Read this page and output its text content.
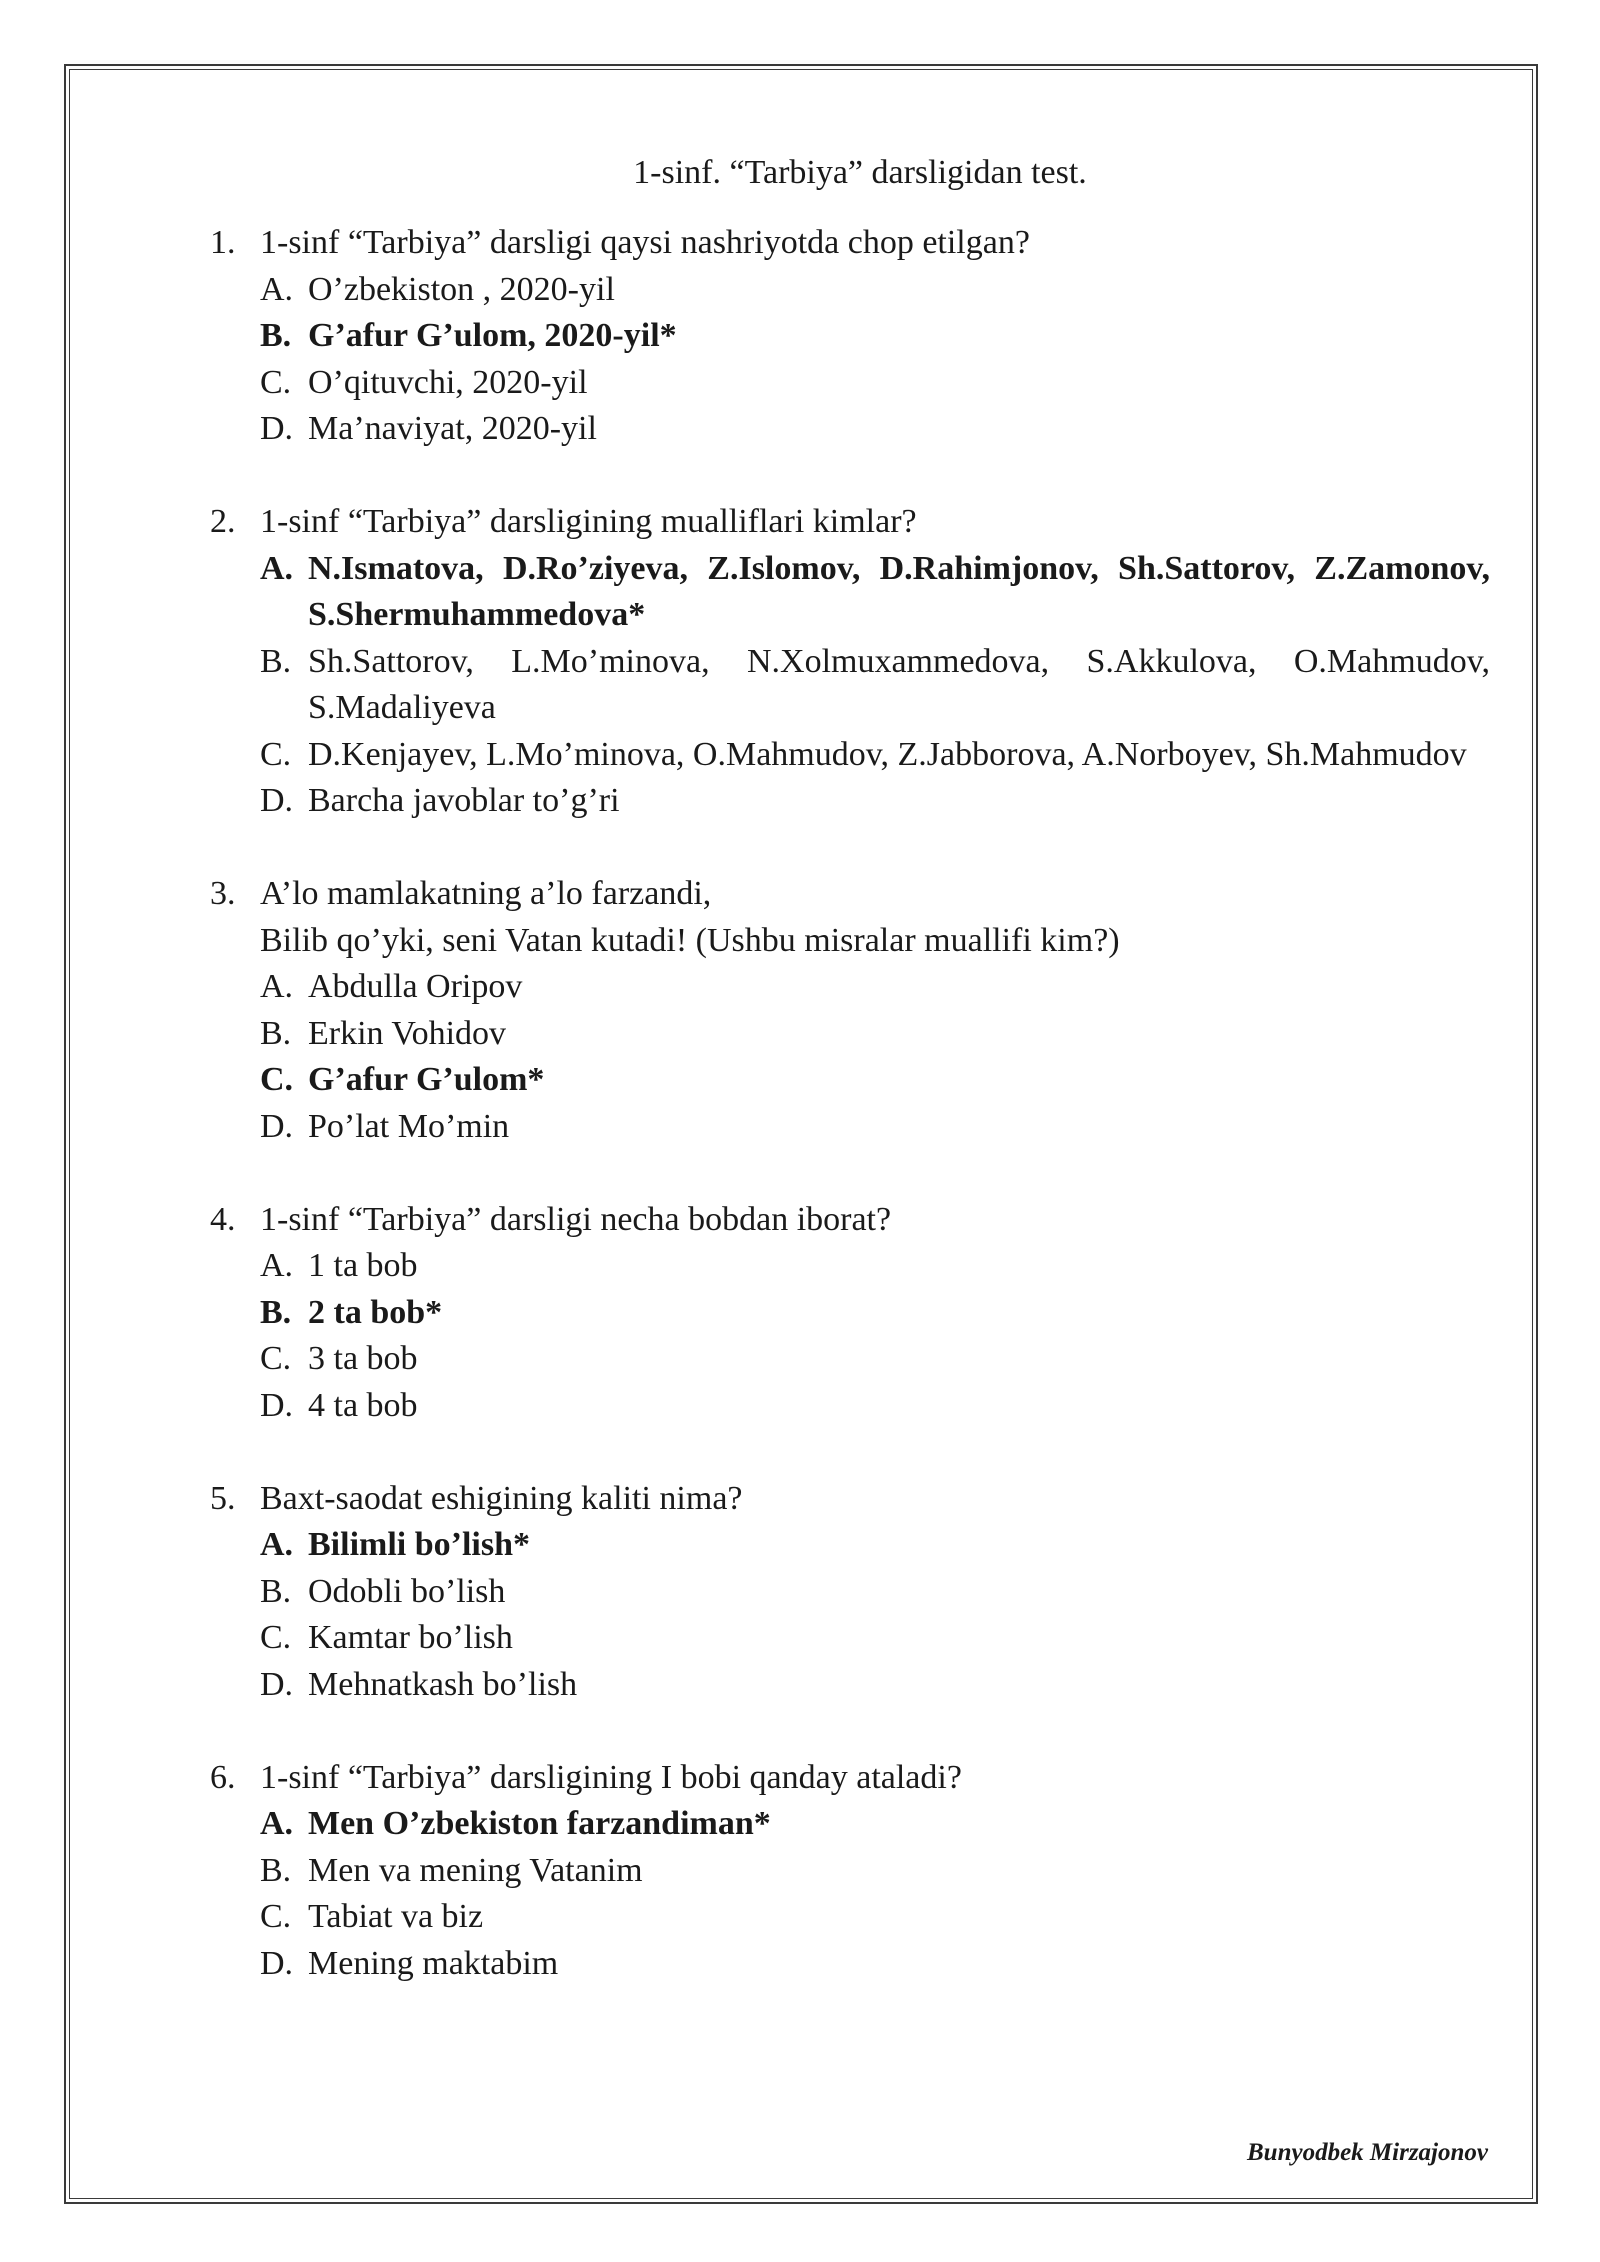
1-sinf. “Tarbiya” darsligidan test.
1. 1-sinf “Tarbiya” darsligi qaysi nashriyotda chop etilgan?
A. O’zbekiston , 2020-yil
B. G’afur G’ulom, 2020-yil*
C. O’qituvchi, 2020-yil
D. Ma’naviyat, 2020-yil
2. 1-sinf “Tarbiya” darsligining mualliflari kimlar?
A. N.Ismatova, D.Ro’ziyeva, Z.Islomov, D.Rahimjonov, Sh.Sattorov, Z.Zamonov, S.Shermuhammedova*
B. Sh.Sattorov, L.Mo’minova, N.Xolmuxammedova, S.Akkulova, O.Mahmudov, S.Madaliyeva
C. D.Kenjayev, L.Mo’minova, O.Mahmudov, Z.Jabborova, A.Norboyev, Sh.Mahmudov
D. Barcha javoblar to’g’ri
3. A’lo mamlakatning a’lo farzandi,
Bilib qo’yki, seni Vatan kutadi! (Ushbu misralar muallifi kim?)
A. Abdulla Oripov
B. Erkin Vohidov
C. G’afur G’ulom*
D. Po’lat Mo’min
4. 1-sinf “Tarbiya” darsligi necha bobdan iborat?
A. 1 ta bob
B. 2 ta bob*
C. 3 ta bob
D. 4 ta bob
5. Baxt-saodat eshigining kaliti nima?
A. Bilimli bo’lish*
B. Odobli bo’lish
C. Kamtar bo’lish
D. Mehnatkash bo’lish
6. 1-sinf “Tarbiya” darsligining I bobi qanday ataladi?
A. Men O’zbekiston farzandiman*
B. Men va mening Vatanim
C. Tabiat va biz
D. Mening maktabim
Bunyodbek Mirzajonov
